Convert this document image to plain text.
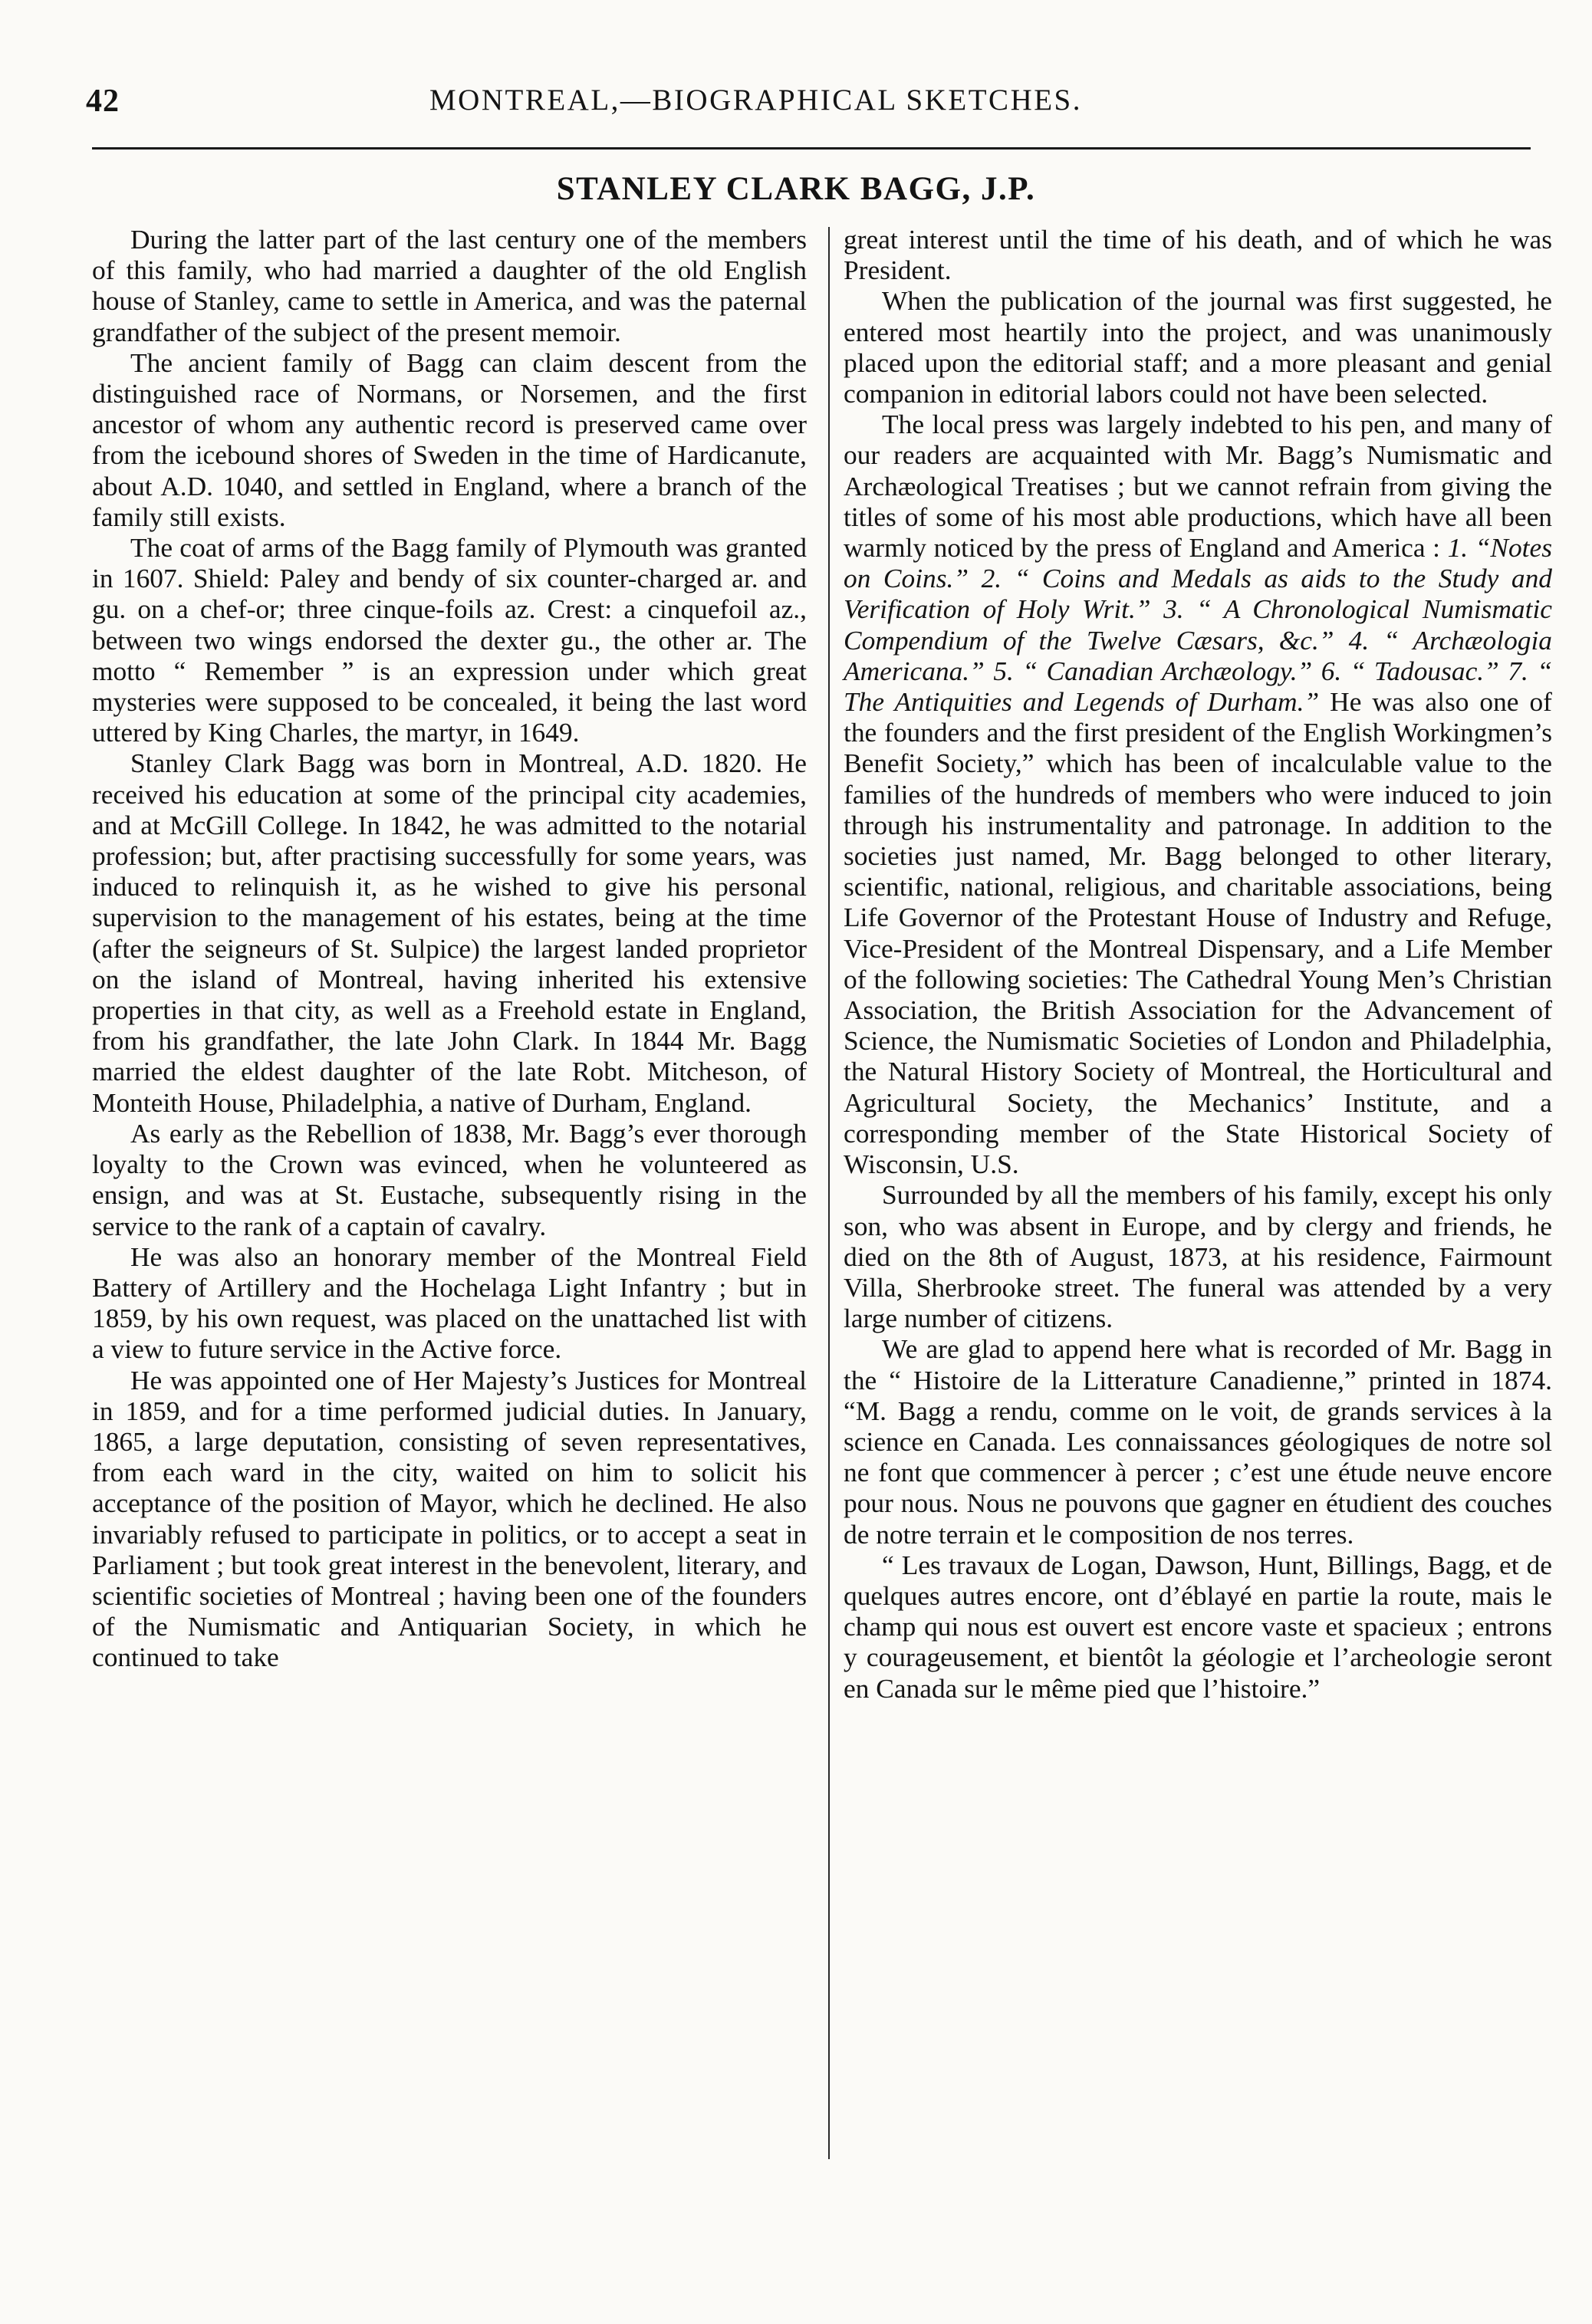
42	MONTREAL,—BIOGRAPHICAL SKETCHES.
STANLEY CLARK BAGG, J.P.

During the latter part of the last century one of the members of this family, who had married a daughter of the old English house of Stanley, came to settle in America, and was the paternal grandfather of the subject of the present memoir.

The ancient family of Bagg can claim descent from the distinguished race of Normans, or Norsemen, and the first ancestor of whom any authentic record is preserved came over from the icebound shores of Sweden in the time of Hardicanute, about A.D. 1040, and settled in England, where a branch of the family still exists.

The coat of arms of the Bagg family of Plymouth was granted in 1607. Shield: Paley and bendy of six counter-charged ar. and gu. on a chef-or; three cinque-foils az. Crest: a cinquefoil az., between two wings endorsed the dexter gu., the other ar. The motto “ Remember ” is an expression under which great mysteries were supposed to be concealed, it being the last word uttered by King Charles, the martyr, in 1649.

Stanley Clark Bagg was born in Montreal, A.D. 1820. He received his education at some of the principal city academies, and at McGill College. In 1842, he was admitted to the notarial profession; but, after practising successfully for some years, was induced to relinquish it, as he wished to give his personal supervision to the management of his estates, being at the time (after the seigneurs of St. Sulpice) the largest landed proprietor on the island of Montreal, having inherited his extensive properties in that city, as well as a Freehold estate in England, from his grandfather, the late John Clark. In 1844 Mr. Bagg married the eldest daughter of the late Robt. Mitcheson, of Monteith House, Philadelphia, a native of Durham, England.

As early as the Rebellion of 1838, Mr. Bagg’s ever thorough loyalty to the Crown was evinced, when he volunteered as ensign, and was at St. Eustache, subsequently rising in the service to the rank of a captain of cavalry.

He was also an honorary member of the Montreal Field Battery of Artillery and the Hochelaga Light Infantry ; but in 1859, by his own request, was placed on the unattached list with a view to future service in the Active force.

He was appointed one of Her Majesty’s Justices for Montreal in 1859, and for a time performed judicial duties. In January, 1865, a large deputation, consisting of seven representatives, from each ward in the city, waited on him to solicit his acceptance of the position of Mayor, which he declined. He also invariably refused to participate in politics, or to accept a seat in Parliament ; but took great interest in the benevolent, literary, and scientific societies of Montreal ; having been one of the founders of the Numismatic and Antiquarian Society, in which he continued to take

great interest until the time of his death, and of which he was President.

When the publication of the journal was first suggested, he entered most heartily into the project, and was unanimously placed upon the editorial staff; and a more pleasant and genial companion in editorial labors could not have been selected.

The local press was largely indebted to his pen, and many of our readers are acquainted with Mr. Bagg’s Numismatic and Archæological Treatises ; but we cannot refrain from giving the titles of some of his most able productions, which have all been warmly noticed by the press of England and America : 1. “Notes on Coins.” 2. “ Coins and Medals as aids to the Study and Verification of Holy Writ.” 3. “ A Chronological Numismatic Compendium of the Twelve Cæsars, &c.” 4. “ Archæologia Americana.” 5. “ Canadian Archæology.” 6. “ Tadousac.” 7. “ The Antiquities and Legends of Durham.” He was also one of the founders and the first president of the English Workingmen’s Benefit Society,” which has been of incalculable value to the families of the hundreds of members who were induced to join through his instrumentality and patronage. In addition to the societies just named, Mr. Bagg belonged to other literary, scientific, national, religious, and charitable associations, being Life Governor of the Protestant House of Industry and Refuge, Vice-President of the Montreal Dispensary, and a Life Member of the following societies: The Cathedral Young Men’s Christian Association, the British Association for the Advancement of Science, the Numismatic Societies of London and Philadelphia, the Natural History Society of Montreal, the Horticultural and Agricultural Society, the Mechanics’ Institute, and a corresponding member of the State Historical Society of Wisconsin, U.S.

Surrounded by all the members of his family, except his only son, who was absent in Europe, and by clergy and friends, he died on the 8th of August, 1873, at his residence, Fairmount Villa, Sherbrooke street. The funeral was attended by a very large number of citizens.

We are glad to append here what is recorded of Mr. Bagg in the “ Histoire de la Litterature Canadienne,” printed in 1874. “M. Bagg a rendu, comme on le voit, de grands services à la science en Canada. Les connaissances géologiques de notre sol ne font que commencer à percer ; c’est une étude neuve encore pour nous. Nous ne pouvons que gagner en étudient des couches de notre terrain et le composition de nos terres.

“ Les travaux de Logan, Dawson, Hunt, Billings, Bagg, et de quelques autres encore, ont d’éblayé en partie la route, mais le champ qui nous est ouvert est encore vaste et spacieux ; entrons y courageusement, et bientôt la géologie et l’archeologie seront en Canada sur le même pied que l’histoire.”
